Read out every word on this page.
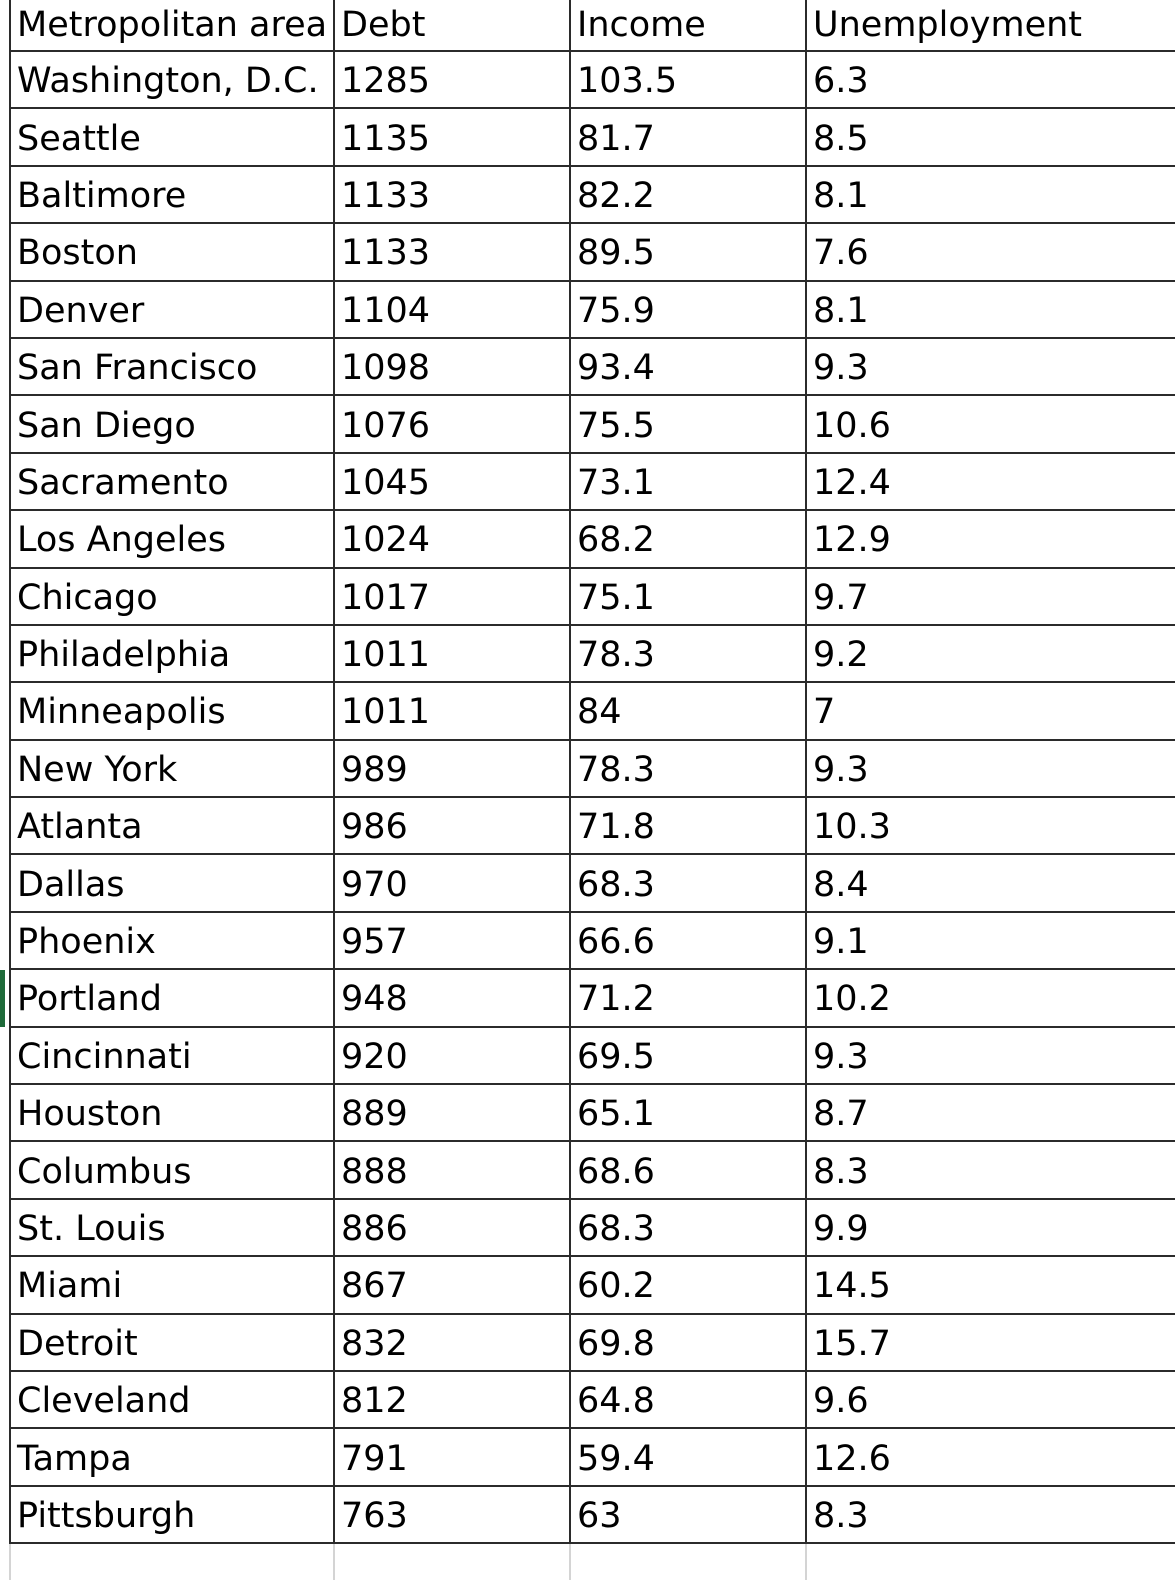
Metropolitan area Debt	Income	Unemployment
Washington, D.C. 1285	103.5	6.3
Seattle	1135	81.7	8.5
Baltimore	1133	82.2	8.1
Boston	1133	89.5	7.6
Denver	1104	75.9	8.1
San Francisco	1098	93.4	9.3
San Diego	1076	75.5	10.6
Sacramento	1045	73.1	12.4
Los Angeles	1024	68.2	12.9
Chicago	1017	75.1	9.7
Philadelphia	1011	78.3	9.2
Minneapolis	1011	84	7
New York	989	78.3	9.3
Atlanta	986	71.8	10.3
Dallas	970	68.3	8.4
Phoenix	957	66.6	9.1
Portland	948	71.2	10.2
Cincinnati	920	69.5	9.3
Houston	889	65.1	8.7
Columbus	888	68.6	8.3
St. Louis	886	68.3	9.9
Miami	867	60.2	14.5
Detroit	832	69.8	15.7
Cleveland	812	64.8	9.6
Tampa	791	59.4	12.6
Pittsburgh	763	63	8.3
